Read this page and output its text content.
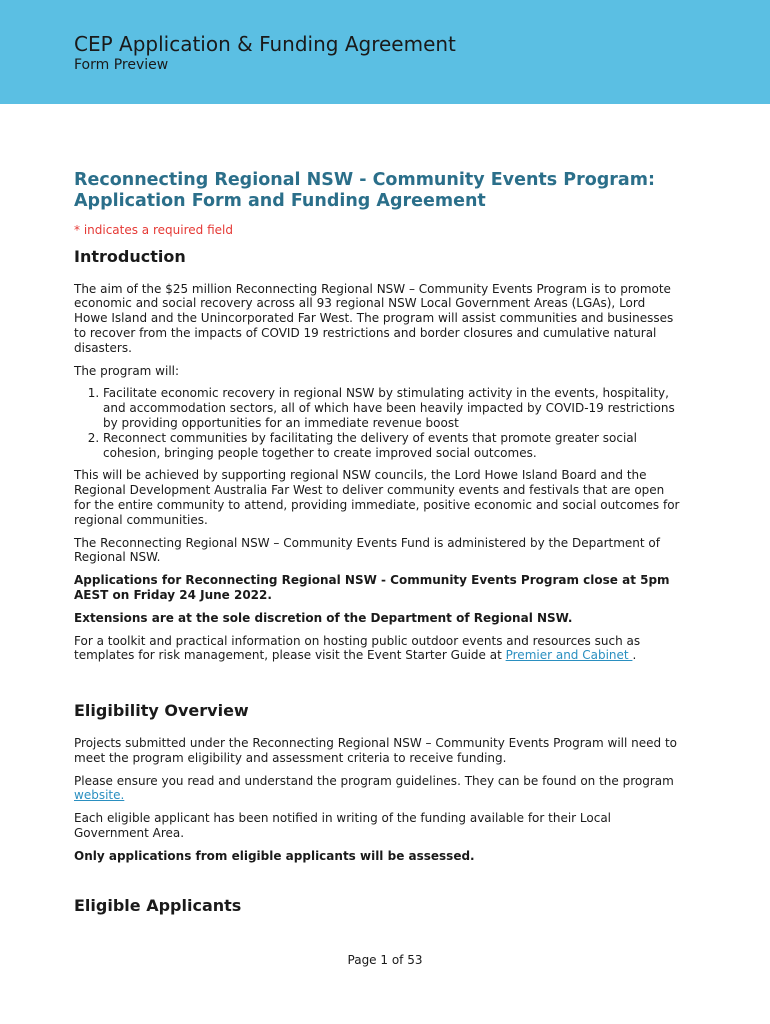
CEP Application & Funding Agreement
Form Preview
Reconnecting Regional NSW - Community Events Program:
Application Form and Funding Agreement
* indicates a required field
Introduction

The aim of the $25 million Reconnecting Regional NSW – Community Events Program is to promote economic and social recovery across all 93 regional NSW Local Government Areas (LGAs), Lord Howe Island and the Unincorporated Far West. The program will assist communities and businesses to recover from the impacts of COVID 19 restrictions and border closures and cumulative natural disasters.

The program will:

1. Facilitate economic recovery in regional NSW by stimulating activity in the events, hospitality, and accommodation sectors, all of which have been heavily impacted by COVID-19 restrictions by providing opportunities for an immediate revenue boost
2. Reconnect communities by facilitating the delivery of events that promote greater social cohesion, bringing people together to create improved social outcomes.

This will be achieved by supporting regional NSW councils, the Lord Howe Island Board and the Regional Development Australia Far West to deliver community events and festivals that are open for the entire community to attend, providing immediate, positive economic and social outcomes for regional communities.

The Reconnecting Regional NSW – Community Events Fund is administered by the Department of Regional NSW.

Applications for Reconnecting Regional NSW - Community Events Program close at 5pm AEST on Friday 24 June 2022.

Extensions are at the sole discretion of the Department of Regional NSW.

For a toolkit and practical information on hosting public outdoor events and resources such as templates for risk management, please visit the Event Starter Guide at Premier and Cabinet .

Eligibility Overview

Projects submitted under the Reconnecting Regional NSW – Community Events Program will need to meet the program eligibility and assessment criteria to receive funding.

Please ensure you read and understand the program guidelines. They can be found on the program website.

Each eligible applicant has been notified in writing of the funding available for their Local Government Area.

Only applications from eligible applicants will be assessed.

Eligible Applicants
Page 1 of 53
